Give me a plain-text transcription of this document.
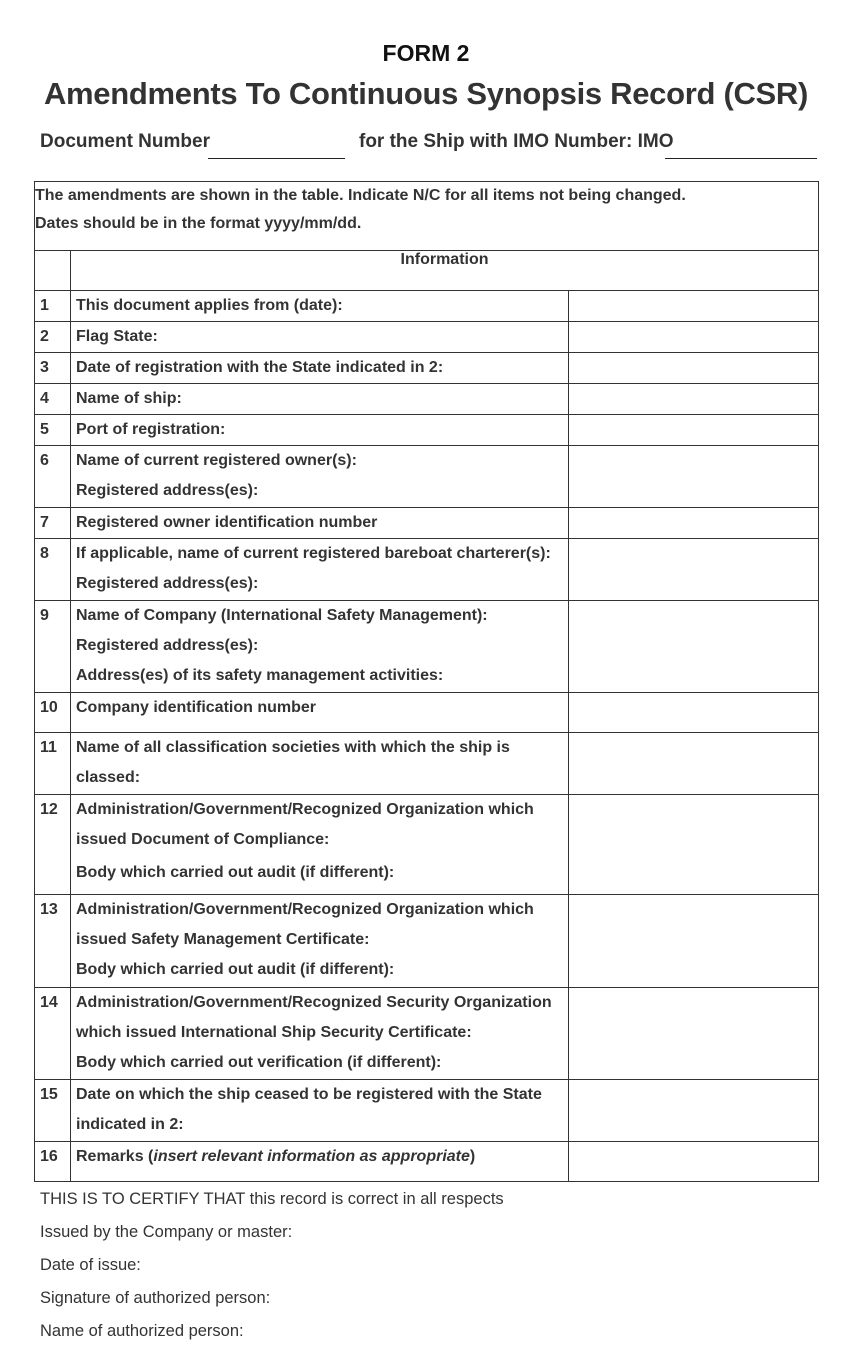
FORM 2
Amendments To Continuous Synopsis Record (CSR)
Document Number	for the Ship with IMO Number: IMO
The amendments are shown in the table. Indicate N/C for all items not being changed.
Dates should be in the format yyyy/mm/dd.		
	Information	
1	This document applies from (date):	

2	Flag State:	

3	Date of registration with the State indicated in 2:	

4	Name of ship:	

5	Port of registration:	

6	Name of current registered owner(s):
Registered address(es):	

7	Registered owner identification number	

8	If applicable, name of current registered bareboat charterer(s):
Registered address(es):	

9	Name of Company (International Safety Management):
Registered address(es):
Address(es) of its safety management activities:	

10	Company identification number	

11	Name of all classification societies with which the ship is
classed:	

12	Administration/Government/Recognized Organization which
issued Document of Compliance:
Body which carried out audit (if different):	

13	Administration/Government/Recognized Organization which
issued Safety Management Certificate:
Body which carried out audit (if different):	

14	Administration/Government/Recognized Security Organization
which issued International Ship Security Certificate:
Body which carried out verification (if different):	

15	Date on which the ship ceased to be registered with the State
indicated in 2:	

16	Remarks (insert relevant information as appropriate)	

THIS IS TO CERTIFY THAT this record is correct in all respects
Issued by the Company or master:
Date of issue:
Signature of authorized person:
Name of authorized person:
